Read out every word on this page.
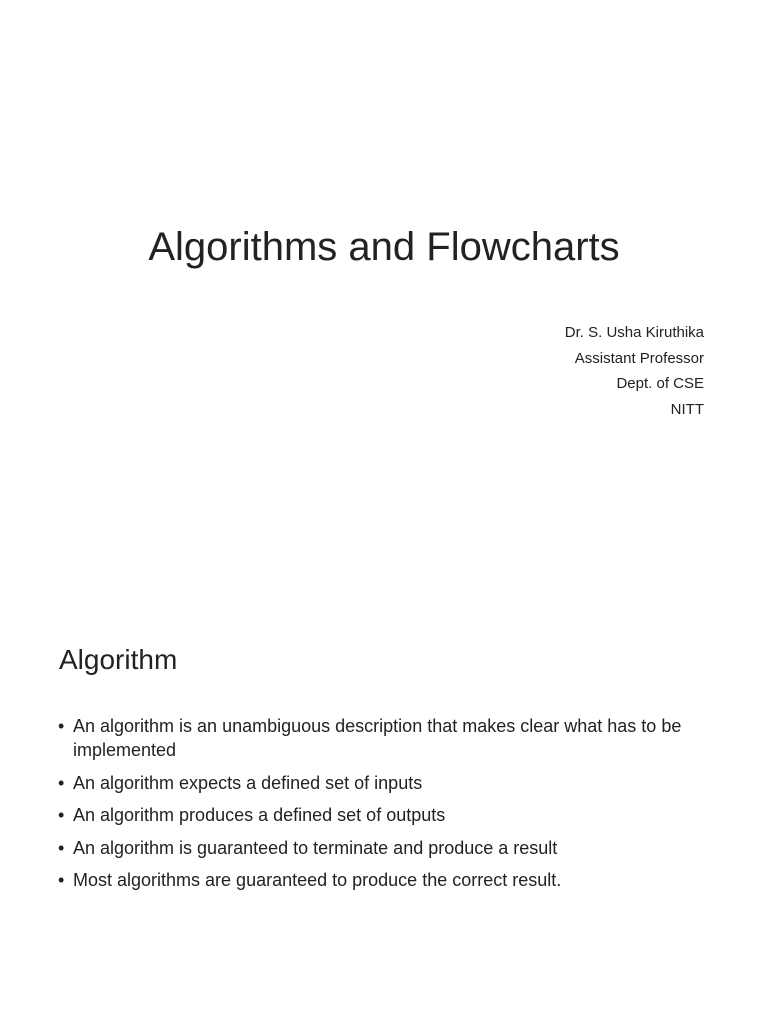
Algorithms and Flowcharts
Dr. S. Usha Kiruthika
Assistant Professor
Dept. of CSE
NITT
Algorithm
• An algorithm is an unambiguous description that makes clear what has to be implemented
• An algorithm expects a defined set of inputs
• An algorithm produces a defined set of outputs
• An algorithm is guaranteed to terminate and produce a result
• Most algorithms are guaranteed to produce the correct result.
